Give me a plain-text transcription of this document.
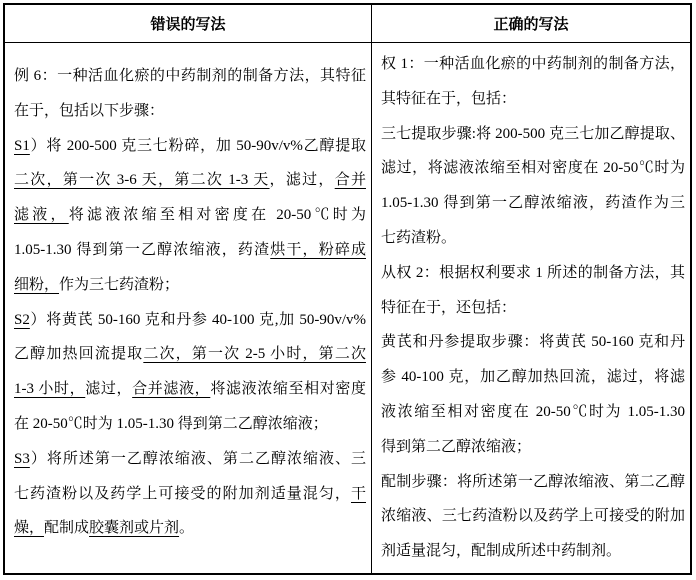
错误的写法	正确的写法
例 6：一种活血化瘀的中药制剂的制备方法，其特征
在于，包括以下步骤：
S1）将 200-500 克三七粉碎，加 50-90v/v%乙醇提取
二次，第一次 3-6 天，第二次 1-3 天，滤过，合并
滤液，将滤液浓缩至相对密度在 20-50℃时为
1.05-1.30 得到第一乙醇浓缩液，药渣烘干，粉碎成
细粉，作为三七药渣粉；
S2）将黄芪 50-160 克和丹参 40-100 克,加 50-90v/v%
乙醇加热回流提取二次，第一次 2-5 小时，第二次
1-3 小时，滤过，合并滤液，将滤液浓缩至相对密度
在 20-50℃时为 1.05-1.30 得到第二乙醇浓缩液；
S3）将所述第一乙醇浓缩液、第二乙醇浓缩液、三
七药渣粉以及药学上可接受的附加剂适量混匀，干
燥，配制成胶囊剂或片剂。
权 1：一种活血化瘀的中药制剂的制备方法，
其特征在于，包括：
三七提取步骤:将 200-500 克三七加乙醇提取、
滤过，将滤液浓缩至相对密度在 20-50℃时为
1.05-1.30 得到第一乙醇浓缩液，药渣作为三
七药渣粉。
从权 2：根据权利要求 1 所述的制备方法，其
特征在于，还包括：
黄芪和丹参提取步骤：将黄芪 50-160 克和丹
参 40-100 克，加乙醇加热回流，滤过，将滤
液浓缩至相对密度在 20-50℃时为 1.05-1.30
得到第二乙醇浓缩液；
配制步骤：将所述第一乙醇浓缩液、第二乙醇
浓缩液、三七药渣粉以及药学上可接受的附加
剂适量混匀，配制成所述中药制剂。
